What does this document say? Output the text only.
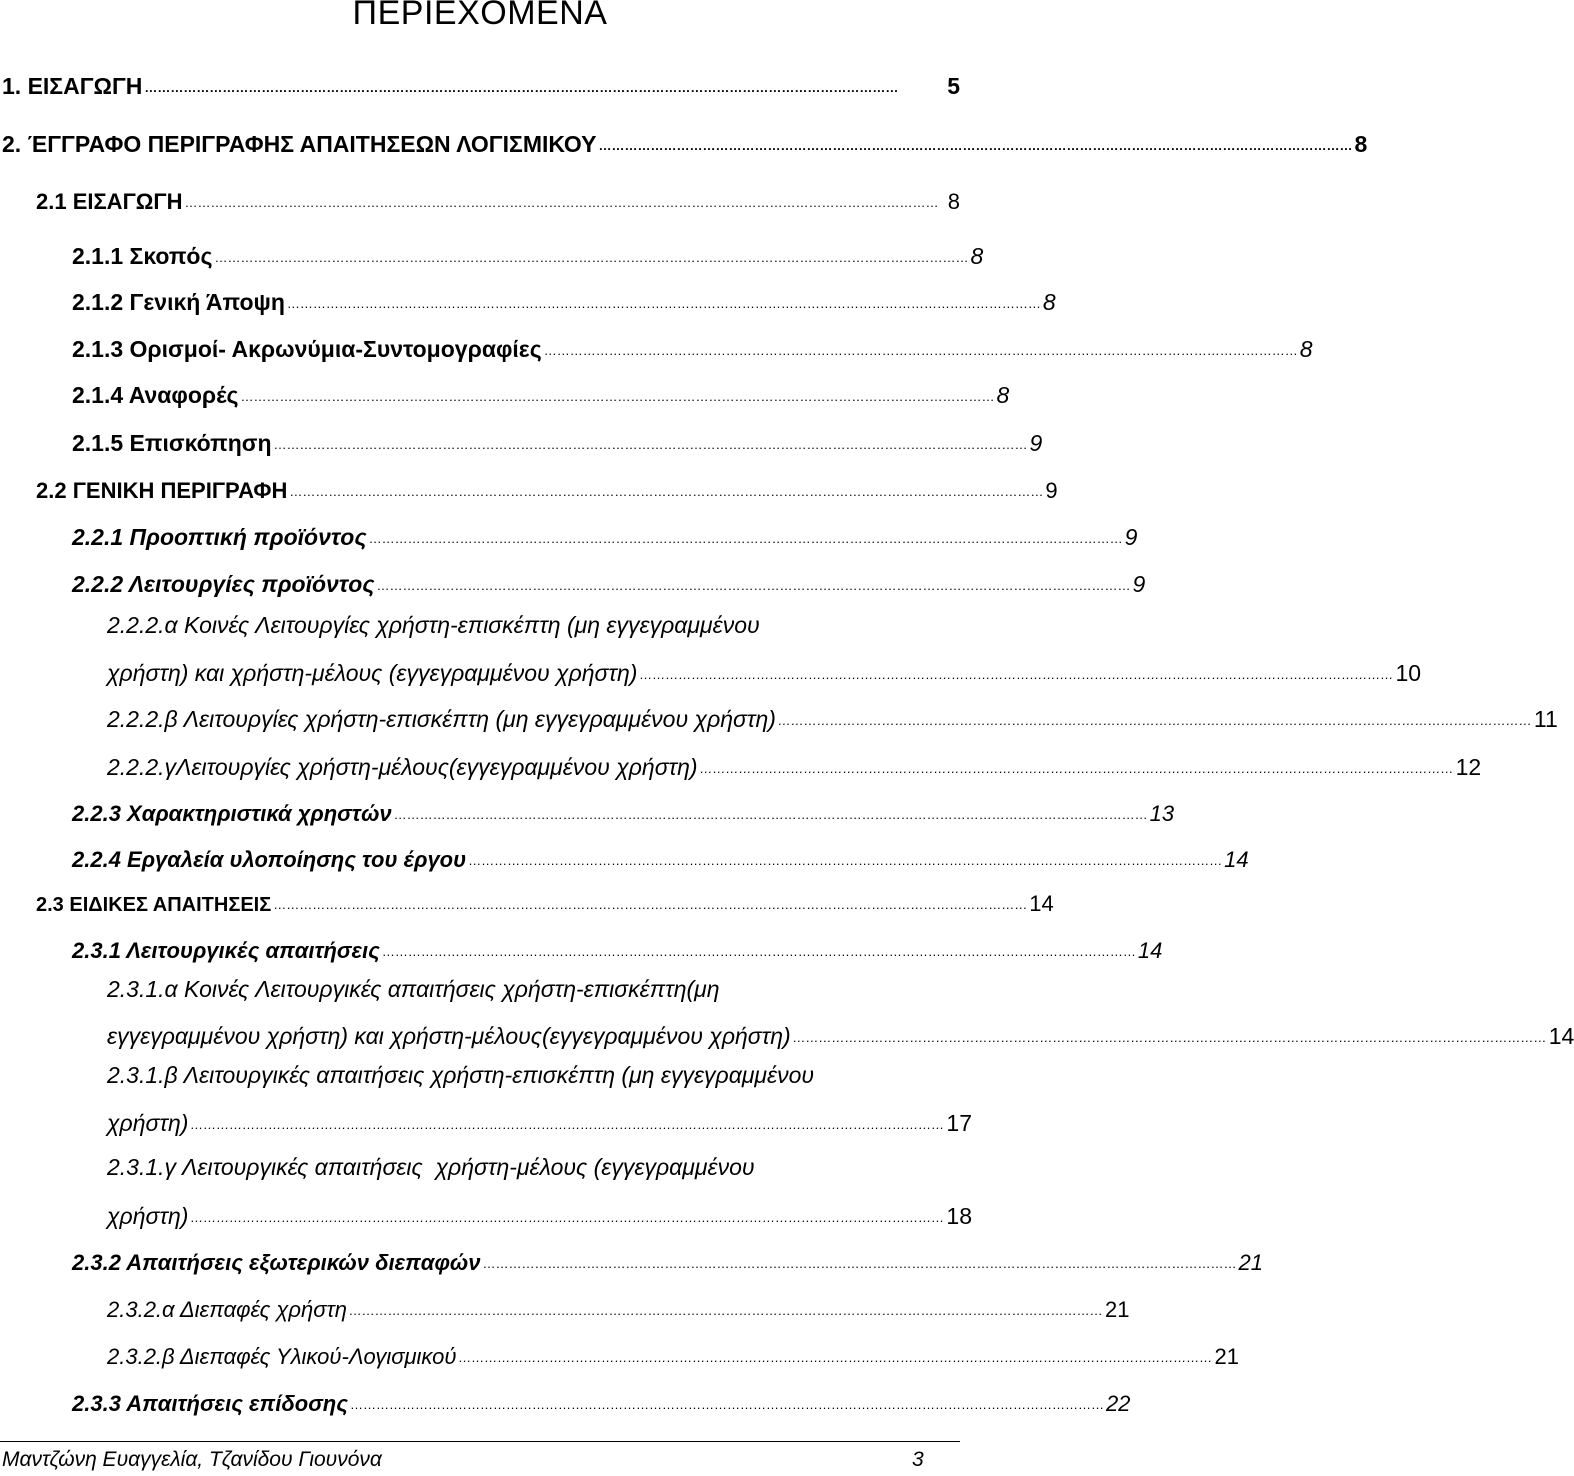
ΠΕΡΙΕΧΟΜΕΝΑ
1. ΕΙΣΑΓΩΓΗ …………………………………………………………………………………………………………………………………………………………	5
2. ΈΓΓΡΑΦΟ ΠΕΡΙΓΡΑΦΗΣ ΑΠΑΙΤΗΣΕΩΝ ΛΟΓΙΣΜΙΚΟΥ ………………………………………………………………………………………………………………………………………………………… 8
2.1 ΕΙΣΑΓΩΓΗ ………………………………………………………………………………………………………………………………………………………… 8
2.1.1 Σκοπός ………………………………………………………………………………………………………………………………………………………… 8
2.1.2 Γενική Άποψη ………………………………………………………………………………………………………………………………………………………… 8
2.1.3 Ορισμοί- Ακρωνύμια-Συντομογραφίες ………………………………………………………………………………………………………………………………………………………… 8
2.1.4 Αναφορές ………………………………………………………………………………………………………………………………………………………… 8
2.1.5 Επισκόπηση ………………………………………………………………………………………………………………………………………………………… 9
2.2 ΓΕΝΙΚΗ ΠΕΡΙΓΡΑΦΗ ………………………………………………………………………………………………………………………………………………………… 9
2.2.1 Προοπτική προϊόντος ………………………………………………………………………………………………………………………………………………………… 9
2.2.2 Λειτουργίες προϊόντος ………………………………………………………………………………………………………………………………………………………… 9
2.2.2.α Κοινές Λειτουργίες χρήστη-επισκέπτη (μη εγγεγραμμένου
χρήστη) και χρήστη-μέλους (εγγεγραμμένου χρήστη) ………………………………………………………………………………………………………………………………………………………… 10
2.2.2.β Λειτουργίες χρήστη-επισκέπτη (μη εγγεγραμμένου χρήστη) ………………………………………………………………………………………………………………………………………………………… 11
2.2.2.γΛειτουργίες χρήστη-μέλους(εγγεγραμμένου χρήστη) ………………………………………………………………………………………………………………………………………………………… 12
2.2.3 Χαρακτηριστικά χρηστών ………………………………………………………………………………………………………………………………………………………… 13
2.2.4 Εργαλεία υλοποίησης του έργου ………………………………………………………………………………………………………………………………………………………… 14
2.3 ΕΙΔΙΚΕΣ ΑΠΑΙΤΗΣΕΙΣ ………………………………………………………………………………………………………………………………………………………… 14
2.3.1 Λειτουργικές απαιτήσεις ………………………………………………………………………………………………………………………………………………………… 14
2.3.1.α Κοινές Λειτουργικές απαιτήσεις χρήστη-επισκέπτη(μη
εγγεγραμμένου χρήστη) και χρήστη-μέλους(εγγεγραμμένου χρήστη) ………………………………………………………………………………………………………………………………………………………… 14
2.3.1.β Λειτουργικές απαιτήσεις χρήστη-επισκέπτη (μη εγγεγραμμένου
χρήστη) ………………………………………………………………………………………………………………………………………………………… 17
2.3.1.γ Λειτουργικές απαιτήσεις  χρήστη-μέλους (εγγεγραμμένου
χρήστη) ………………………………………………………………………………………………………………………………………………………… 18
2.3.2 Απαιτήσεις εξωτερικών διεπαφών ………………………………………………………………………………………………………………………………………………………… 21
2.3.2.α Διεπαφές χρήστη ………………………………………………………………………………………………………………………………………………………… 21
2.3.2.β Διεπαφές Υλικού-Λογισμικού ………………………………………………………………………………………………………………………………………………………… 21
2.3.3 Απαιτήσεις επίδοσης ………………………………………………………………………………………………………………………………………………………… 22
Μαντζώνη Ευαγγελία, Τζανίδου Γιουνόνα	3
